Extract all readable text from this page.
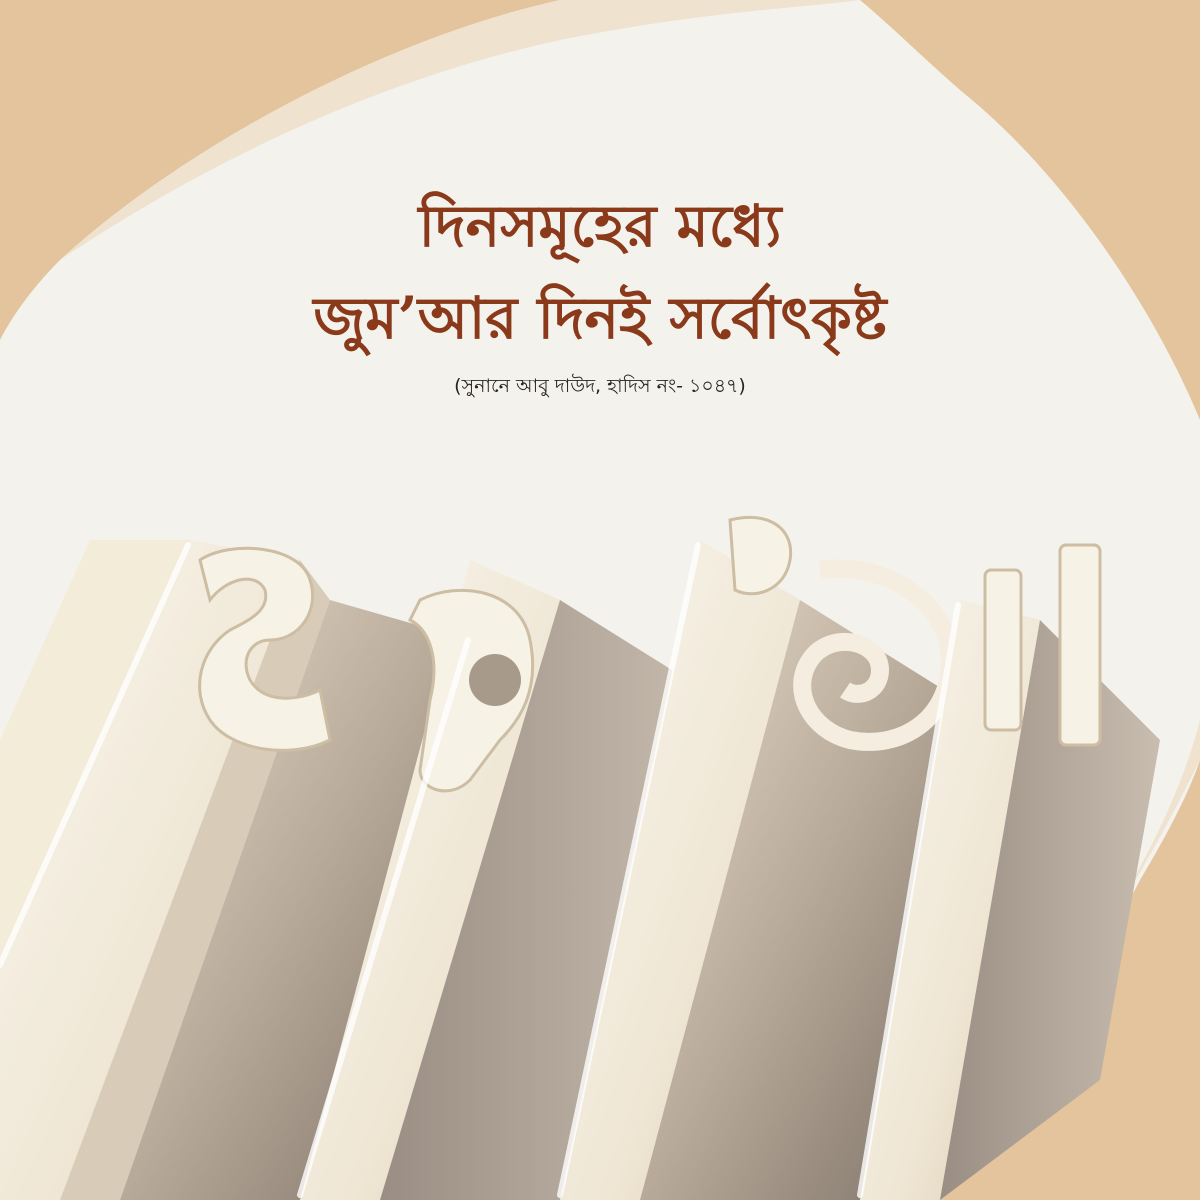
দিনসমূহের মধ্যে
জুম’আর দিনই সর্বোৎকৃষ্ট
(সুনানে আবু দাউদ, হাদিস নং- ১০৪৭)
